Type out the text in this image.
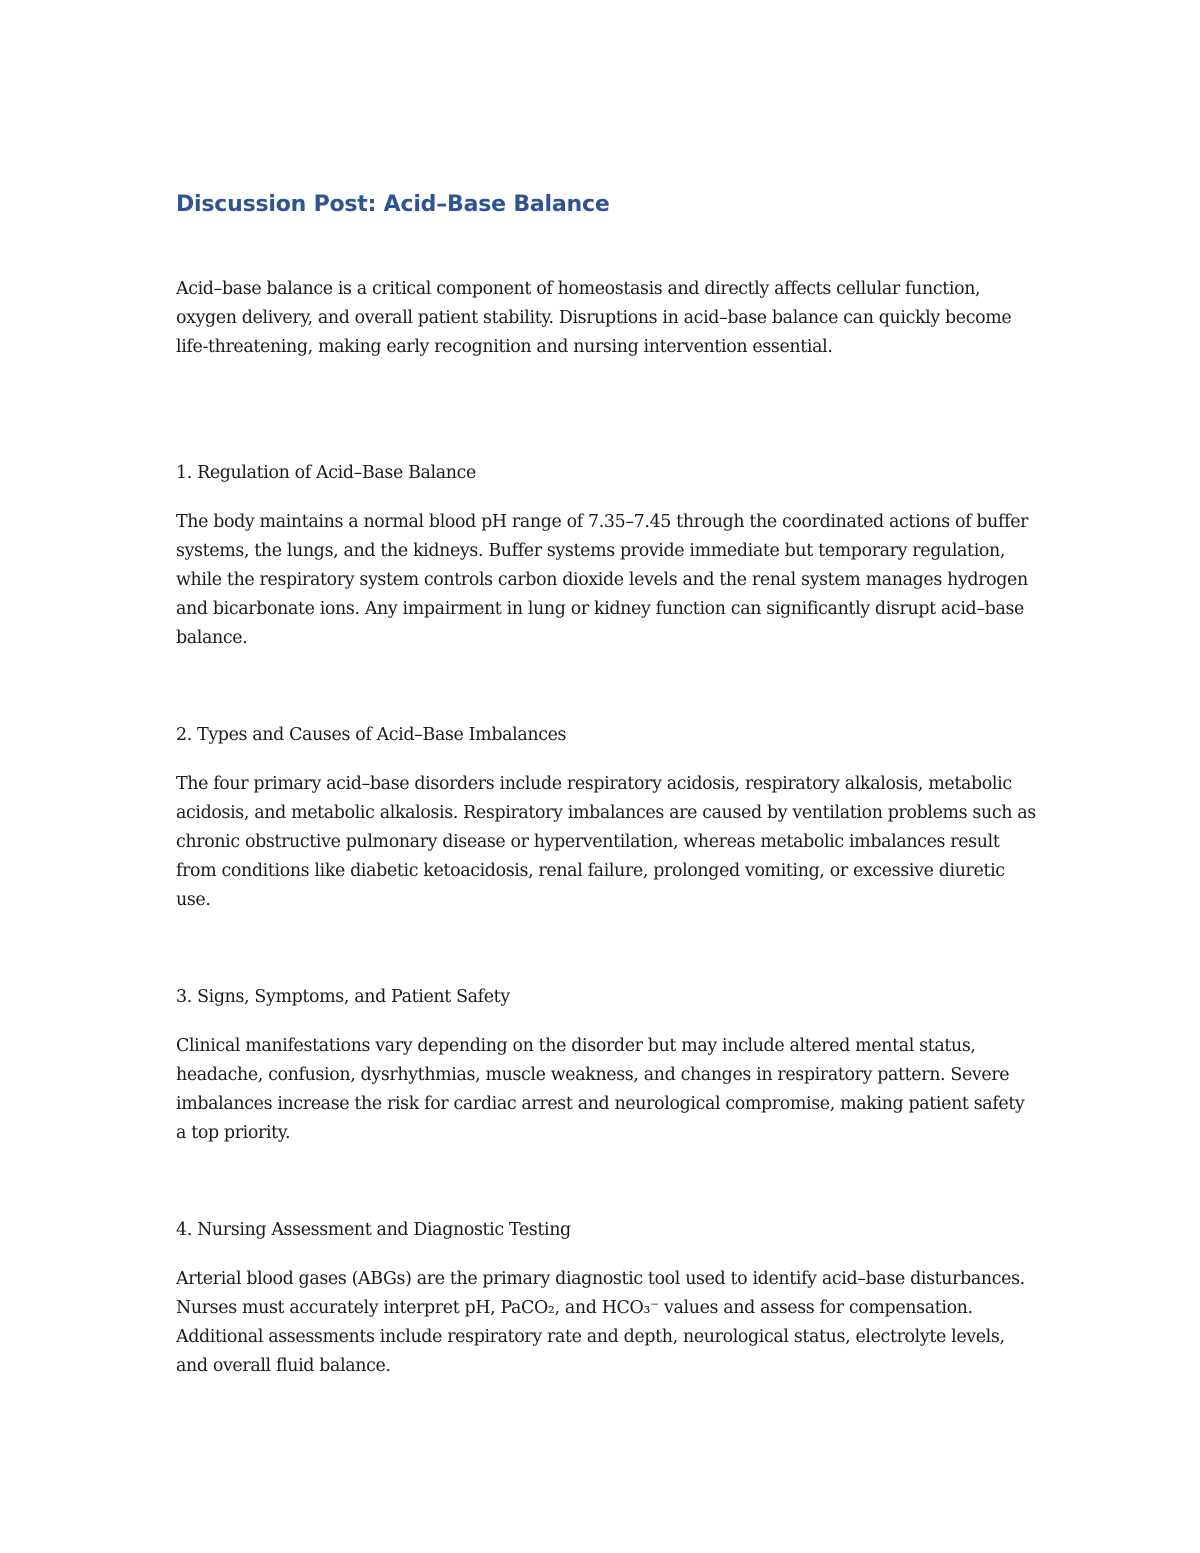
Discussion Post: Acid–Base Balance

Acid–base balance is a critical component of homeostasis and directly affects cellular function, oxygen delivery, and overall patient stability. Disruptions in acid–base balance can quickly become life-threatening, making early recognition and nursing intervention essential.

1. Regulation of Acid–Base Balance

The body maintains a normal blood pH range of 7.35–7.45 through the coordinated actions of buffer systems, the lungs, and the kidneys. Buffer systems provide immediate but temporary regulation, while the respiratory system controls carbon dioxide levels and the renal system manages hydrogen and bicarbonate ions. Any impairment in lung or kidney function can significantly disrupt acid–base balance.

2. Types and Causes of Acid–Base Imbalances

The four primary acid–base disorders include respiratory acidosis, respiratory alkalosis, metabolic acidosis, and metabolic alkalosis. Respiratory imbalances are caused by ventilation problems such as chronic obstructive pulmonary disease or hyperventilation, whereas metabolic imbalances result from conditions like diabetic ketoacidosis, renal failure, prolonged vomiting, or excessive diuretic use.

3. Signs, Symptoms, and Patient Safety

Clinical manifestations vary depending on the disorder but may include altered mental status, headache, confusion, dysrhythmias, muscle weakness, and changes in respiratory pattern. Severe imbalances increase the risk for cardiac arrest and neurological compromise, making patient safety a top priority.

4. Nursing Assessment and Diagnostic Testing

Arterial blood gases (ABGs) are the primary diagnostic tool used to identify acid–base disturbances. Nurses must accurately interpret pH, PaCO₂, and HCO₃⁻ values and assess for compensation. Additional assessments include respiratory rate and depth, neurological status, electrolyte levels, and overall fluid balance.
